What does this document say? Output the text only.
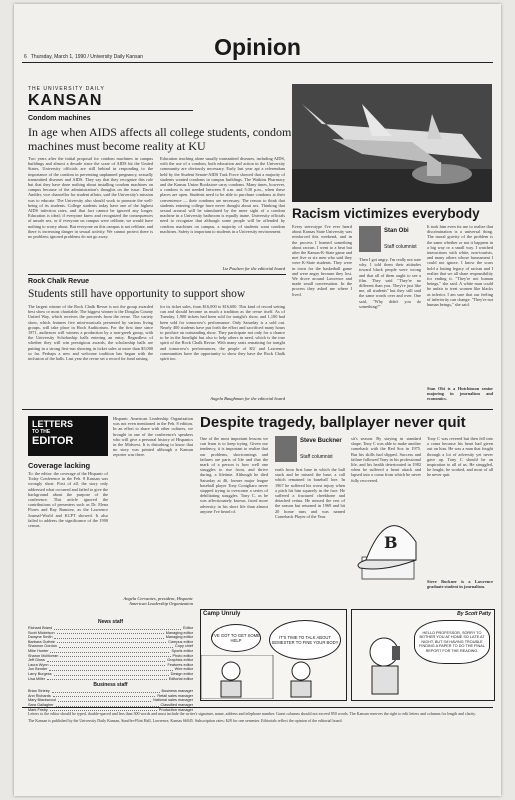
6 Thursday, March 1, 1990 / University Daily Kansan	Opinion
THE UNIVERSITY DAILY
KANSAN
Condom machines
In age when AIDS affects all college students, condom machines must become reality at KU

Two years after the initial proposal for condom machines in campus buildings and almost a decade since the scare of AIDS hit the United States, University officials are still behind in responding to the importance of the condom in preventing unplanned pregnancy, sexually transmitted diseases and AIDS. They say that they recognize this role but that they have done nothing about installing condom machines on campus because of the administration's thoughts on the issue. David Ambler, vice chancellor for student affairs, said the University's mission was to educate. The University also should work to promote the well-being of its students. College students today have one of the highest AIDS infection rates, and that fact cannot be ignored any longer. Education is ideal; if everyone knew and recognized the consequences of unsafe sex, or if everyone on campus were celibate, we would have nothing to worry about. But everyone on this campus is not celibate, and there is increasing danger in sexual activity. We cannot protect there is no problem; ignored problems do not go away.

Education teaching alone usually transmitted diseases, including AIDS, with the use of a condom, both education and action in the University community are obviously necessary. Early last year apt a referendum held by the Student Senate-AIDS Task Force showed that a majority of students wanted condoms in campus buildings. The Watkins Pharmacy and the Kansas Union Bookstore carry condoms. Many times, however, a condom is not needed between 8 a.m. and 5:30 p.m., when these places are open. Students need to be able to purchase condoms at their convenience — their condoms are necessary. The reason to think that students entering college have never thought about sex. Thinking that sexual arousal will be stimulated by the mere sight of a condom machine in a University bathroom is equally inane. University officials need to recognize that although some people will be offended by condom machines on campus, a majority of students want condom machines. Safety is important to students in a University environment.

Liz Poulsen for the editorial board
Rock Chalk Revue
Students still have opportunity to support show

The largest winner of the Rock Chalk Revue is not the group awarded best show or most charitable. The biggest winner is the Douglas County United Way, which receives the proceeds from the revue. The variety show, which features five mini-musicals presented by various living groups, will take place in Hoch Auditorium. For the first time since 1971, audiences will witness a production by a non-greek group, with the University Scholarship halls entering an entry. Regardless of whether they will win prestigious awards, the scholarship halls are putting in a strong first-run showing in ticket sales at more than $5,000 so far. Perhaps a new and welcome tradition has begun with the inclusion of the halls. Last year the revue set a record for fund raising.

for its ticket sales, from $16,000 to $16,600. This kind of record setting can and should become as much a tradition as the revue itself. As of Tuesday, 1,900 tickets had been sold for tonight's show, and 1,100 had been sold for tomorrow's performance. Only Saturday is a sold out. Nearly 400 students have put forth the effort and sacrificed many hours to produce an outstanding show. They participate not only for a chance to be in the limelight but also to help others in need, which is the true spirit of the Rock Chalk Revue. With many seats remaining for tonight and tomorrow's performances, the people of KU and Lawrence communities have the opportunity to show they have the Rock Chalk spirit too.

Angela Baughman for the editorial board
Racism victimizes everybody

Every stereotype I've ever heard about Kansas State University was reinforced this weekend, and in the process I learned something about racism. I went to a beat but after the Kansas-K-State game and met five or six men who said they were K-State students. They were in town for the basketball game and were angry because they lost. We drove around Lawrence and made small conversation. In the process they asked me where I lived.

Stan Obi
Staff columnist

Then I got angry. I'm really not sure why. I told them their attitudes toward black people were wrong and that all of them ought to see a film. They said "They're no different than you. They're just like me, all students" but they still said the same words over and over. One said, "Why didn't you do something?"

It took him even for me to realize that discrimination is a universal thing. The moral gravity of the problem is the same whether or not it happens in a big way or a small way. I watched interactions with white, non-tourists, and many others whose harassment I could not ignore. I know the scars hold a lasting legacy of racism and I realize that we all share responsibility for ending it. "They're not human beings," she said. A white man could be unfair to treat women like blacks as inferior. I am sure that our feeling of inferiority can change. "They're not human beings," she said.

Stan Obi is a Hutchinson senior majoring in journalism and economics.

LETTERS
TO THE
EDITOR
Coverage lacking

To: the editor: the coverage of the Hispanic of Today Conference in the Feb. 8 Kansan was wrongly short. First of all, the story only addressed what occurred and failed to give the background about the purpose of the conference. This article ignored the contributions of presenters such as Dr. Elena Flores and Ray Ramirez, as the Lawrence Journal-World and KCPT showed. It also failed to address the significance of the 1990 census.

Hispanic American Leadership Organization was not even mentioned in the Feb. 8 edition. In an effort to share with other cultures, we brought in one of the conference's speakers who will give a personal history of Hispanics in the Midwest. It is disturbing to know that no story was printed although a Kansan reporter was there.

Angela Cervantes, president, Hispanic American Leadership Organization
News staff
Richard Brand	Editor
Scott Mickelson	Managing editor
Dwayne Smith	Managing editor
Barbara Guthrie	Campus editor
Shannon Gordon	Copy chief
Mike Hunter	Sports editor
Sharon McMorran	Photo editor
Jeff Gloss	Graphics editor
Laura Wynn	Features editor
Jon Bender	Wire editor
Larry Burgess	Design editor
Lisa Miller	Editorial editor
Business staff
Brian Strieby	Business manager
Ann Richards	Retail sales manager
Mary Blackwood	National sales manager
Sara Gallagher	Classified manager
Mark Frisby	Production manager
Despite tragedy, ballplayer never quit

One of the most important lessons we can learn is to keep trying. Given our tendency, it is important to realize that our problems, shortcomings and failures are parts of life and that the mark of a person is how well one struggles to rise from, and thrive during, a lifetime. Although he died Saturday at 46, former major league baseball player Tony Conigliaro never stopped trying to overcome a series of debilitating struggles. Tony C, as he was affectionately known, faced more adversity in his short life than almost anyone I've heard of.

Steve Buckner
Staff columnist

earth from first base in which the ball stuck and he missed the base, a call which remained in baseball lore. In 1967 he suffered his worst injury when a pitch hit him squarely in the face. He suffered a fractured cheekbone and detached retina. He missed the rest of the season but returned in 1969 and hit 20 home runs and was named Comeback Player of the Year.

sit's season. By staying in standard shape, Tony C was able to make another comeback with the Red Sox in 1975. But his skills had slipped. Success and failure followed Tony in his professional life, and his health deteriorated in 1982 when he suffered a heart attack and lapsed into a coma from which he never fully recovered.

Tony C was revered but then fell into a coma because his heart had given out on him. He was a man that fought through a lot of adversity yet never gave up. Tony C should be an inspiration to all of us. He struggled, he fought, he worked, and most of all he never quit.

B

Steve Buckner is a Lawrence graduate student in journalism.

Camp Unruly
I'VE GOT TO GET SOME HELP
IT'S TIME TO TALK ABOUT SEMESTER TO FINE YOUR BODY
By Scott Patty
HELLO PROFESSOR, SORRY TO BOTHER YOU AT HOME SO LATE AT NIGHT, BUT I'M HAVING TROUBLE FINDING A PAPER TO DO THE FINAL REPORT FOR THE READING.

Letters to the editor should be typed, double-spaced and less than 300 words and must include the writer's signature, name, address and telephone number. Guest columns should not exceed 850 words. The Kansan reserves the right to edit letters and columns for length and clarity.

The Kansan is published by the University Daily Kansan, Stauffer-Flint Hall, Lawrence, Kansas 66045. Subscription rates: $28 for one semester. Editorials reflect the opinion of the editorial board.
